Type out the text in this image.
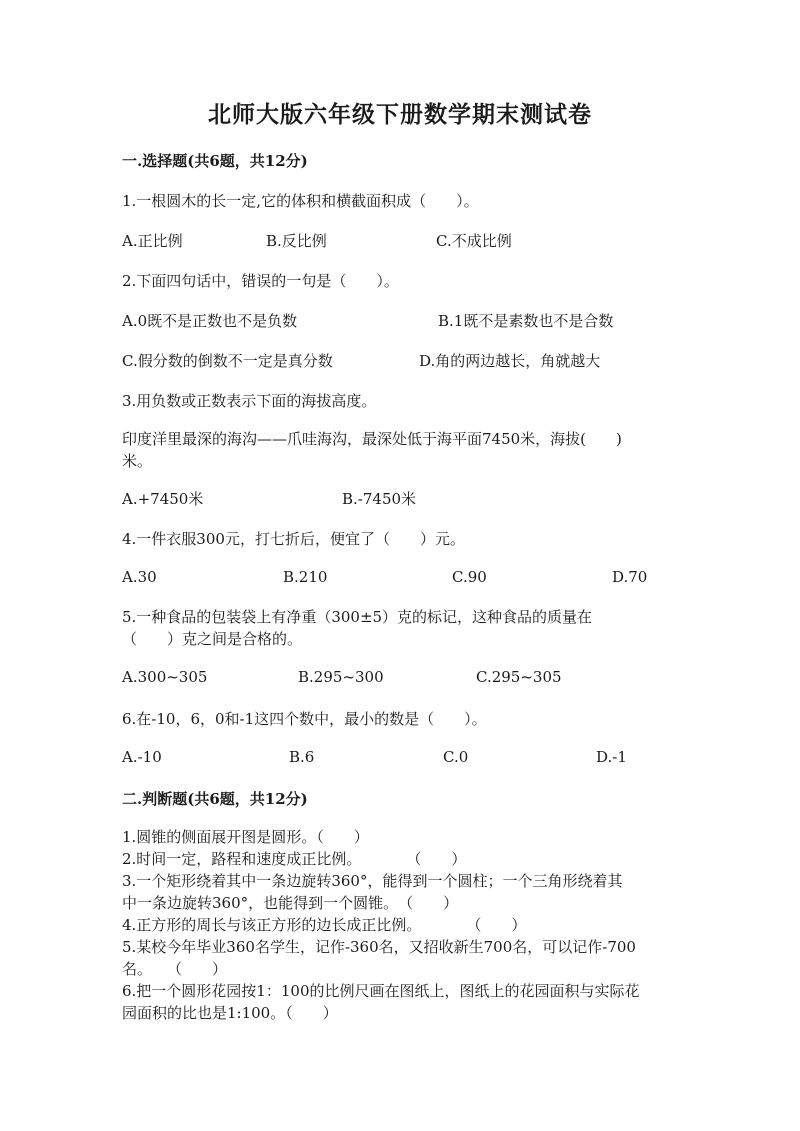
北师大版六年级下册数学期末测试卷
一.选择题(共6题，共12分)
1.一根圆木的长一定,它的体积和横截面积成（　　）。
A.正比例	B.反比例	C.不成比例
2.下面四句话中，错误的一句是（　　）。
A.0既不是正数也不是负数	B.1既不是素数也不是合数
C.假分数的倒数不一定是真分数	D.角的两边越长，角就越大
3.用负数或正数表示下面的海拔高度。
印度洋里最深的海沟——爪哇海沟，最深处低于海平面7450米，海拔(　　)
米。
A.+7450米	B.-7450米
4.一件衣服300元，打七折后，便宜了（　　）元。
A.30	B.210	C.90	D.70
5.一种食品的包装袋上有净重（300±5）克的标记，这种食品的质量在
（　　）克之间是合格的。
A.300~305	B.295~300	C.295~305
6.在-10，6，0和-1这四个数中，最小的数是（　　）。
A.-10	B.6	C.0	D.-1
二.判断题(共6题，共12分)
1.圆锥的侧面展开图是圆形。（　　）
2.时间一定，路程和速度成正比例。　　　　（　　）
3.一个矩形绕着其中一条边旋转360°，能得到一个圆柱；一个三角形绕着其
中一条边旋转360°，也能得到一个圆锥。　（　　）
4.正方形的周长与该正方形的边长成正比例。　　　　（　　）
5.某校今年毕业360名学生，记作-360名，又招收新生700名，可以记作-700
名。　　（　　）
6.把一个圆形花园按1：100的比例尺画在图纸上，图纸上的花园面积与实际花
园面积的比也是1:100。（　　）
